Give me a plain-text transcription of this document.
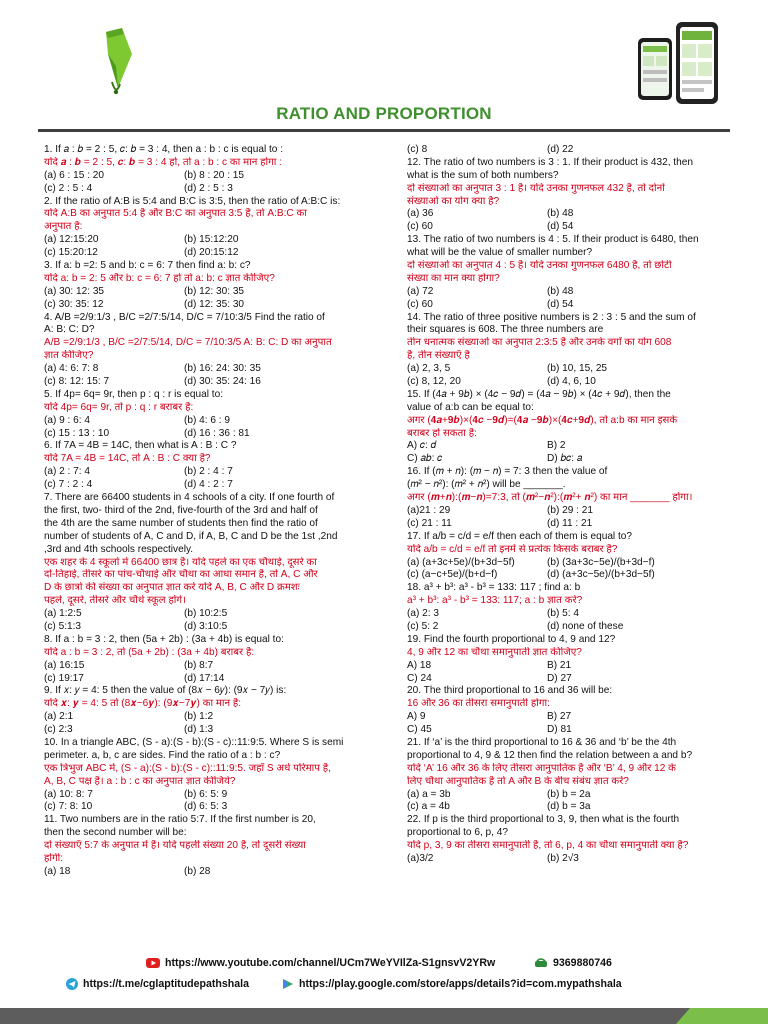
RATIO AND PROPORTION
1. If 𝑎 : 𝑏 = 2 : 5, 𝑐: 𝑏 = 3 : 4, then a : b : c is equal to :
यदि 𝒂 : 𝒃 = 2 : 5, 𝒄: 𝒃 = 3 : 4 हो, तो a : b : c का मान होगा :
(a) 6 : 15 : 20	(b) 8 : 20 : 15
(c) 2 : 5 : 4	(d) 2 : 5 : 3
2. If the ratio of A:B is 5:4 and B:C is 3:5, then the ratio of A:B:C is:
यदि A:B का अनुपात 5:4 है और B:C का अनुपात 3:5 है, तो A:B:C का
अनुपात है:
(a) 12:15:20	(b) 15:12:20
(c) 15:20:12	(d) 20:15:12
3. If a: b =2: 5 and b: c = 6: 7 then find a: b: c?
यदि a: b = 2: 5 और b: c = 6: 7 हो तो a: b: c ज्ञात कीजिए?
(a) 30: 12: 35	(b) 12: 30: 35
(c) 30: 35: 12	(d) 12: 35: 30
4. A/B =2/9:1/3 , B/C =2/7:5/14, D/C = 7/10:3/5 Find the ratio of
A: B: C: D?
A/B =2/9:1/3 , B/C =2/7:5/14, D/C = 7/10:3/5 A: B: C: D का अनुपात
ज्ञात कीजिए?
(a) 4: 6: 7: 8	(b) 16: 24: 30: 35
(c) 8: 12: 15: 7	(d) 30: 35: 24: 16
5. If 4p= 6q= 9r, then p : q : r is equal to:
यदि 4p= 6q= 9r, तो p : q : r बराबर है:
(a) 9 : 6: 4	(b) 4: 6 : 9
(c) 15 : 13 : 10	(d) 16 : 36 : 81
6. If 7A = 4B = 14C, then what is A : B : C ?
यदि 7A = 4B = 14C, तो A : B : C क्या है?
(a) 2 : 7: 4	(b) 2 : 4 : 7
(c) 7 : 2 : 4	(d) 4 : 2 : 7
7. There are 66400 students in 4 schools of a city. If one fourth of
the first, two- third of the 2nd, five-fourth of the 3rd and half of
the 4th are the same number of students then find the ratio of
number of students of A, C and D, if A, B, C and D be the 1st ,2nd
,3rd and 4th schools respectively.
एक शहर के 4 स्कूलों में 66400 छात्र हैं। यदि पहले का एक चौथाई, दूसरे का
दो-तिहाई, तीसरे का पांच-चौथाई और चौथा का आधा समान है, तो A, C और
D के छात्रों की संख्या का अनुपात ज्ञात करें यदि A, B, C और D क्रमशः
पहले, दूसरे, तीसरे और चौथे स्कूल होंगे।
(a) 1:2:5	(b) 10:2:5
(c) 5:1:3	(d) 3:10:5
8. If a : b = 3 : 2, then (5a + 2b) : (3a + 4b) is equal to:
यदि a : b = 3 : 2, तो (5a + 2b) : (3a + 4b) बराबर है:
(a) 16:15	(b) 8:7
(c) 19:17	(d) 17:14
9. If 𝑥: 𝑦 = 4: 5 then the value of (8𝑥 − 6𝑦): (9𝑥 − 7𝑦) is:
यदि 𝒙: 𝒚 = 4: 5 तो (8𝒙−6𝒚): (9𝒙−7𝒚) का मान है:
(a) 2:1	(b) 1:2
(c) 2:3	(d) 1:3
10. In a triangle ABC, (S - a):(S - b):(S - c)::11:9:5. Where S is semi
perimeter. a, b, c are sides. Find the ratio of a : b : c?
एक त्रिभुज ABC में, (S - a):(S - b):(S - c)::11:9:5. जहाँ S अर्ध परिमाप है,
A, B, C पक्ष हैं। a : b : c का अनुपात ज्ञात कीजिये?
(a) 10: 8: 7	(b) 6: 5: 9
(c) 7: 8: 10	(d) 6: 5: 3
11. Two numbers are in the ratio 5:7. If the first number is 20,
then the second number will be:
दो संख्याएँ 5:7 के अनुपात में हैं। यदि पहली संख्या 20 है, तो दूसरी संख्या
होगी:
(a) 18	(b) 28
(c) 8	(d) 22
12. The ratio of two numbers is 3 : 1. If their product is 432, then
what is the sum of both numbers?
दो संख्याओं का अनुपात 3 : 1 है। यदि उनका गुणनफल 432 है, तो दोनों
संख्याओं का योग क्या है?
(a) 36	(b) 48
(c) 60	(d) 54
13. The ratio of two numbers is 4 : 5. If their product is 6480, then
what will be the value of smaller number?
दो संख्याओं का अनुपात 4 : 5 है। यदि उनका गुणनफल 6480 है, तो छोटी
संख्या का मान क्या होगा?
(a) 72	(b) 48
(c) 60	(d) 54
14. The ratio of three positive numbers is 2 : 3 : 5 and the sum of
their squares is 608. The three numbers are
तीन धनात्मक संख्याओं का अनुपात 2:3:5 है और उनके वर्गों का योग 608
है, तीन संख्याएँ है
(a) 2, 3, 5	(b) 10, 15, 25
(c) 8, 12, 20	(d) 4, 6, 10
15. If (4𝑎 + 9𝑏) × (4𝑐 − 9𝑑) = (4𝑎 − 9𝑏) × (4𝑐 + 9𝑑), then the
value of a:b can be equal to:
अगर (𝟒𝒂+𝟗𝒃)×(𝟒𝒄 −𝟗𝒅)=(𝟒𝒂 −𝟗𝒃)×(𝟒𝒄+𝟗𝒅), तो a:b का मान इसके
बराबर हो सकता है:
A) 𝑐: 𝑑	B) 2
C) 𝑎𝑏: 𝑐	D) 𝑏𝑐: 𝑎
16. If (𝑚 + 𝑛): (𝑚 − 𝑛) = 7: 3 then the value of
(𝑚² − 𝑛²): (𝑚² + 𝑛²) will be _______.
अगर (𝒎+𝒏):(𝒎−𝒏)=7:3, तो (𝒎²−𝒏²):(𝒎²+ 𝒏²) का मान _______ होगा।
(a)21 : 29	(b) 29 : 21
(c) 21 : 11	(d) 11 : 21
17. If a/b = c/d = e/f then each of them is equal to?
यदि a/b = c/d = e/f तो इनमें से प्रत्येक किसके बराबर है?
(a) (a+3c+5e)/(b+3d−5f)	(b) (3a+3c−5e)/(b+3d−f)
(c) (a−c+5e)/(b+d−f)	(d) (a+3c−5e)/(b+3d−5f)
18. a³ + b³: a³ - b³ = 133: 117 ; find a: b
a³ + b³: a³ - b³ = 133: 117; a : b ज्ञात करें?
(a) 2: 3	(b) 5: 4
(c) 5: 2	(d) none of these
19. Find the fourth proportional to 4, 9 and 12?
4, 9 और 12 का चौथा समानुपाती ज्ञात कीजिए?
A) 18	B) 21
C) 24	D) 27
20. The third proportional to 16 and 36 will be:
16 और 36 का तीसरा समानुपाती होगा:
A) 9	B) 27
C) 45	D) 81
21. If ‘a’ is the third proportional to 16 & 36 and ‘b’ be the 4th
proportional to 4, 9 & 12 then find the relation between a and b?
यदि ‘A’ 16 और 36 के लिए तीसरा आनुपातिक है और ‘B’ 4, 9 और 12 के
लिए चौथा आनुपातिक है तो A और B के बीच संबंध ज्ञात करें?
(a) a = 3b	(b) b = 2a
(c) a = 4b	(d) b = 3a
22. If p is the third proportional to 3, 9, then what is the fourth
proportional to 6, p, 4?
यदि p, 3, 9 का तीसरा समानुपाती है, तो 6, p, 4 का चौथा समानुपाती क्या है?
(a)3/2	(b) 2√3
https://www.youtube.com/channel/UCm7WeYVIlZa-S1gnsvV2YRw	9369880746
https://t.me/cglaptitudepathshala	https://play.google.com/store/apps/details?id=com.mypathshala
